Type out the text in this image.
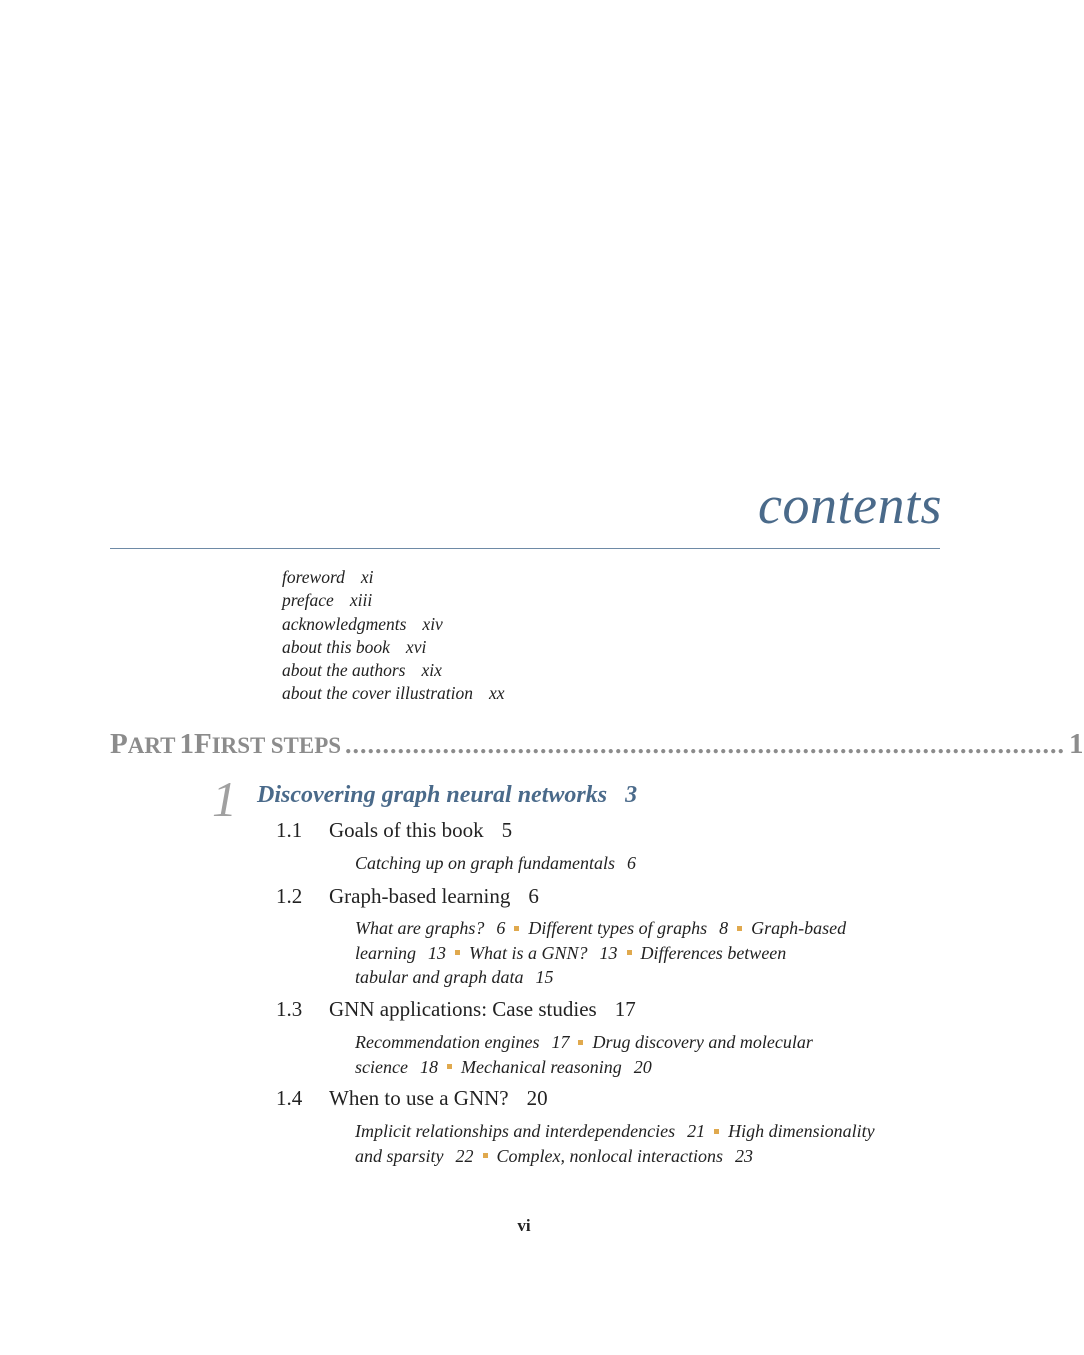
contents
foreword xi
preface xiii
acknowledgments xiv
about this book xvi
about the authors xix
about the cover illustration xx
PART 1 FIRST STEPS ................................................................................................ 1
1 Discovering graph neural networks 3
1.1 Goals of this book 5
Catching up on graph fundamentals 6
1.2 Graph-based learning 6
What are graphs? 6 Different types of graphs 8 Graph-based
learning 13 What is a GNN? 13 Differences between
tabular and graph data 15
1.3 GNN applications: Case studies 17
Recommendation engines 17 Drug discovery and molecular
science 18 Mechanical reasoning 20
1.4 When to use a GNN? 20
Implicit relationships and interdependencies 21 High dimensionality
and sparsity 22 Complex, nonlocal interactions 23
vi
